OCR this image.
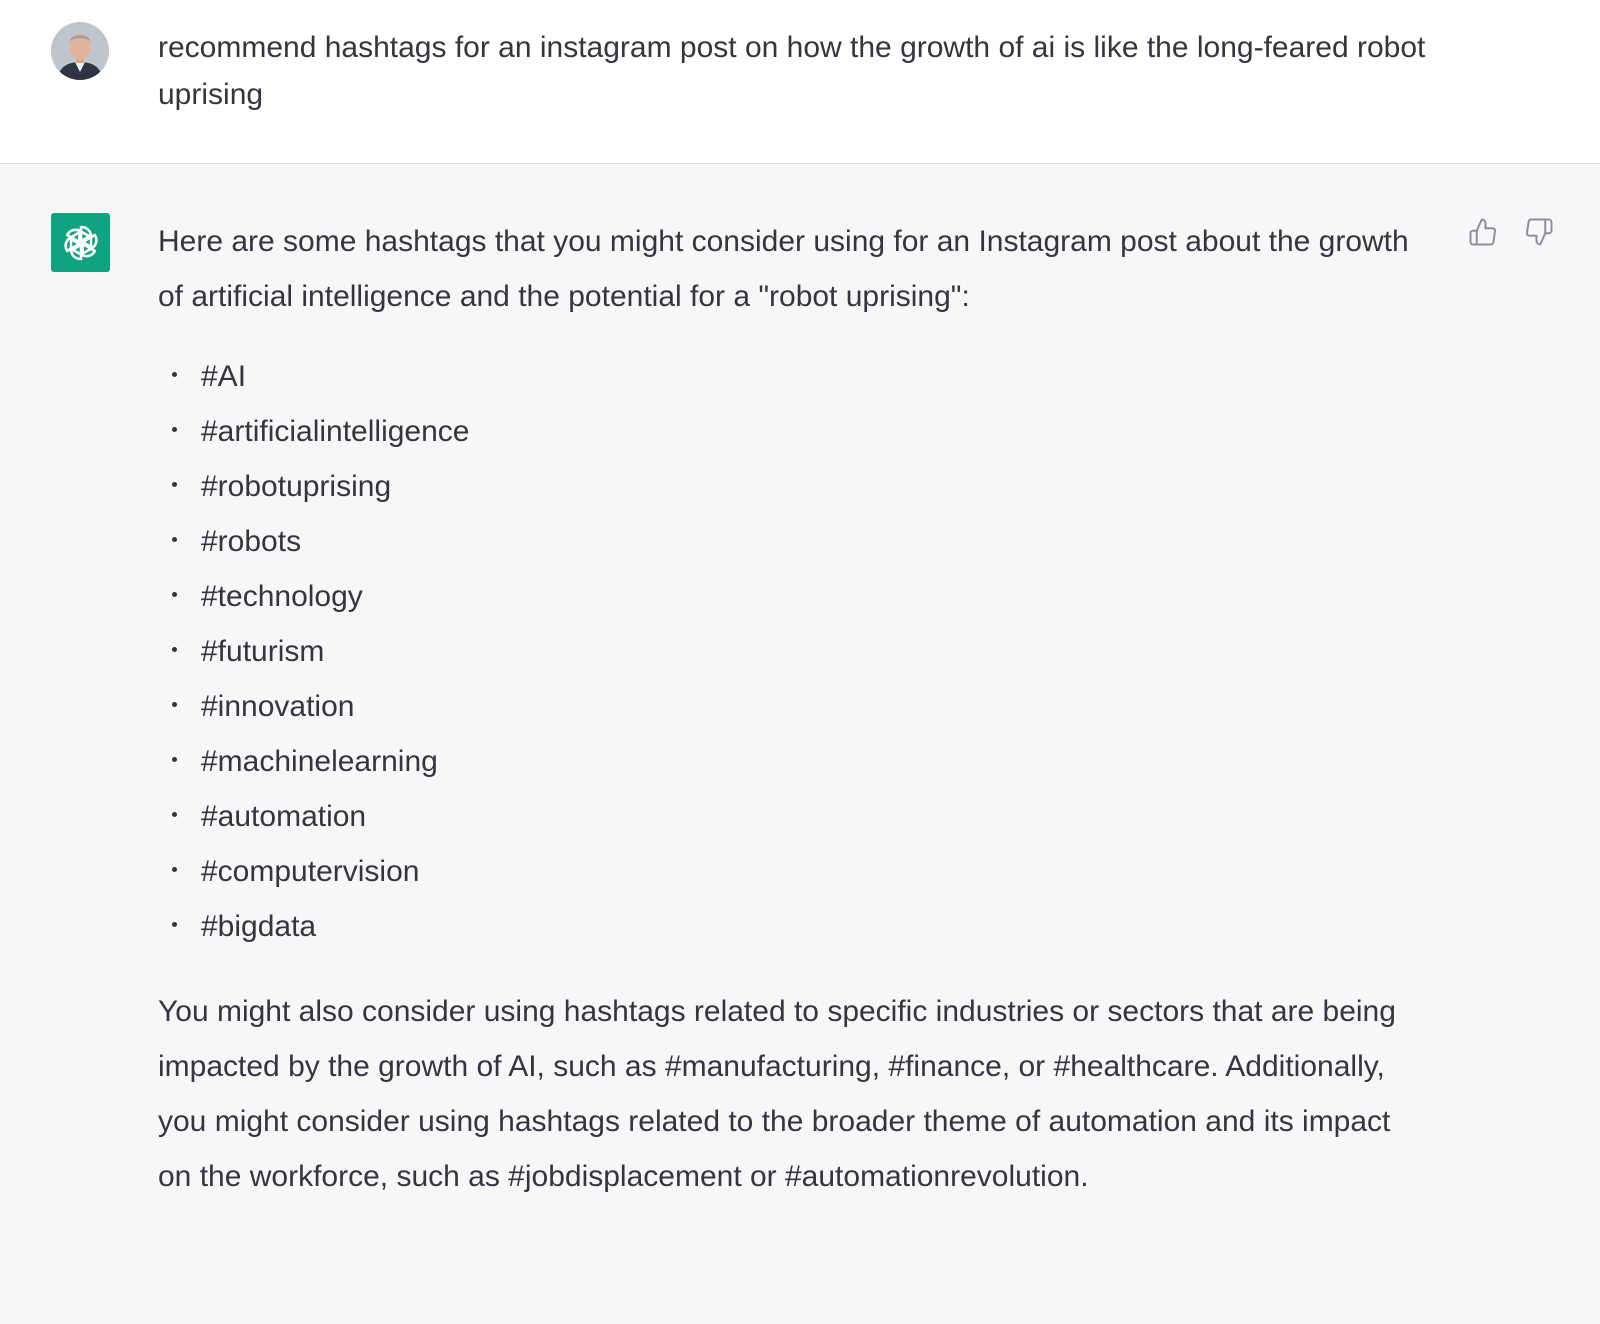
recommend hashtags for an instagram post on how the growth of ai is like the long-feared robot uprising

Here are some hashtags that you might consider using for an Instagram post about the growth of artificial intelligence and the potential for a "robot uprising":

#AI
#artificialintelligence
#robotuprising
#robots
#technology
#futurism
#innovation
#machinelearning
#automation
#computervision
#bigdata

You might also consider using hashtags related to specific industries or sectors that are being impacted by the growth of AI, such as #manufacturing, #finance, or #healthcare. Additionally, you might consider using hashtags related to the broader theme of automation and its impact on the workforce, such as #jobdisplacement or #automationrevolution.
